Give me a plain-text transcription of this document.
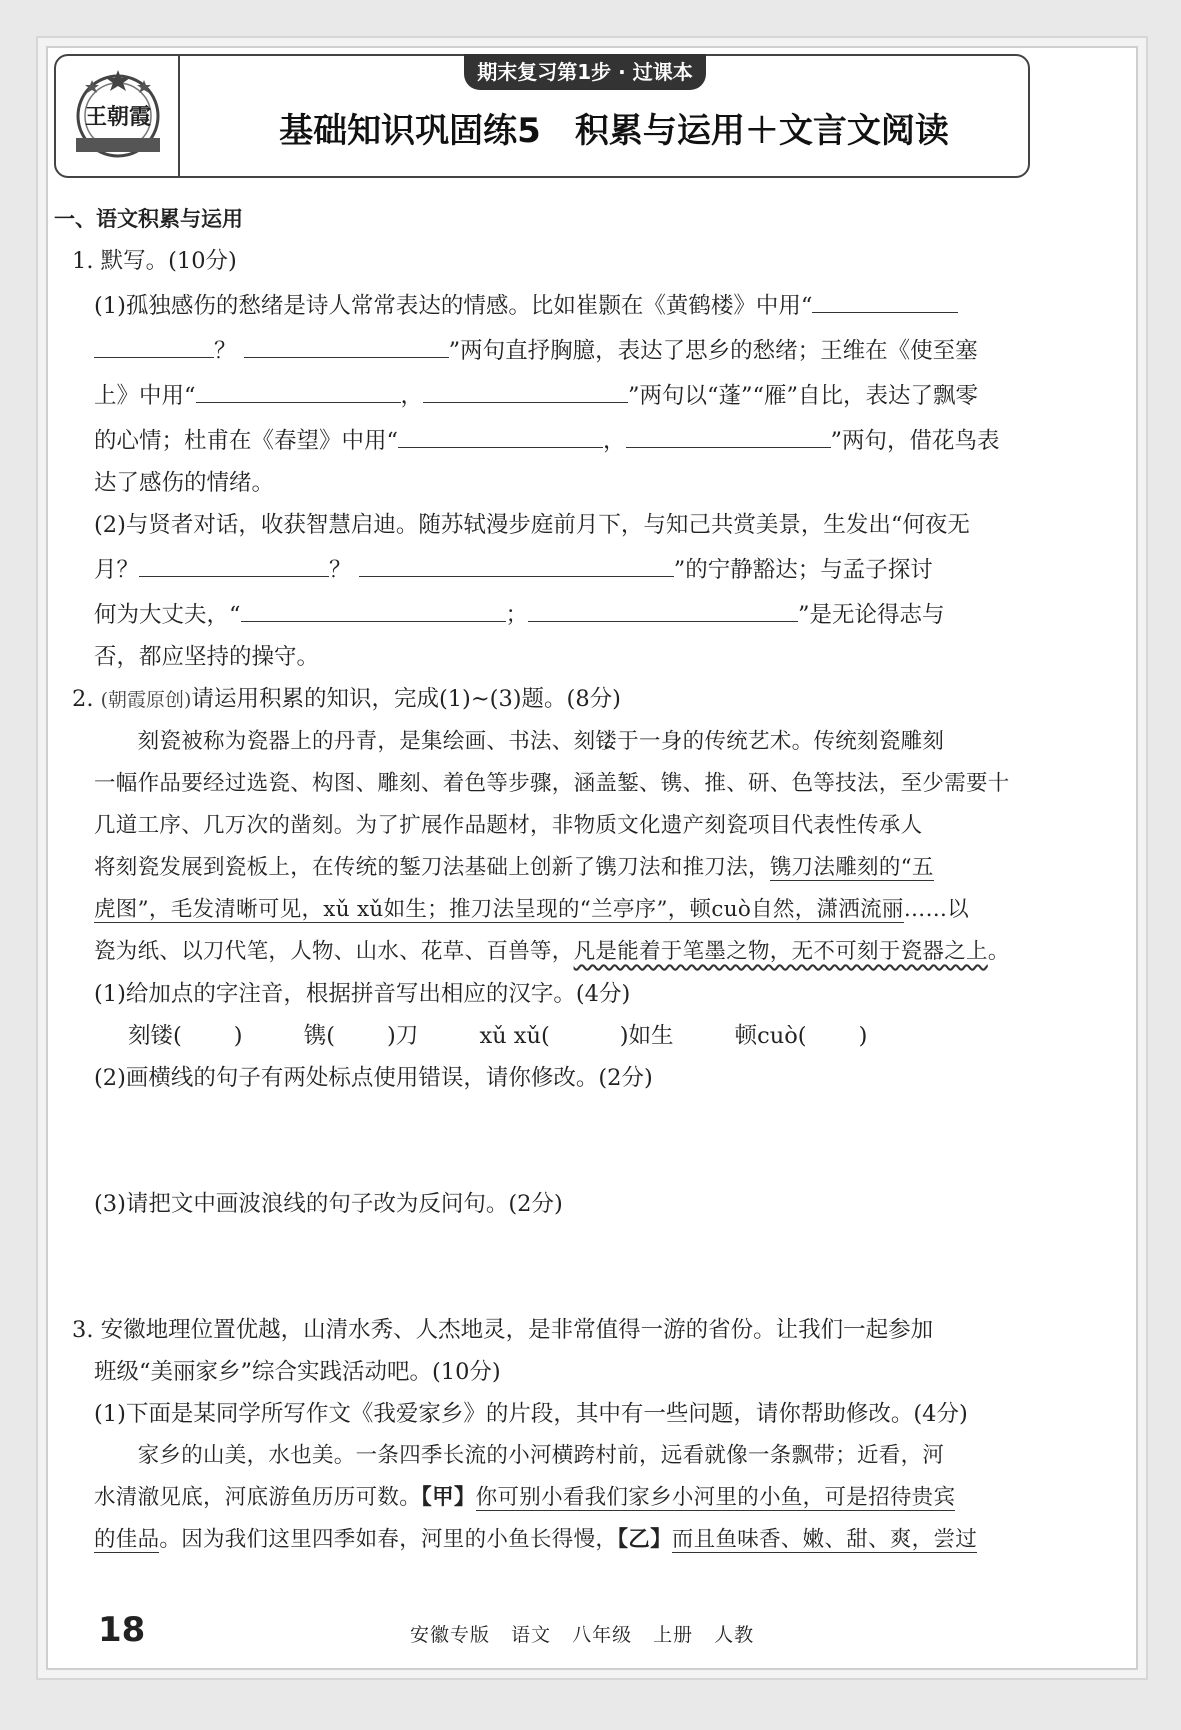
王朝霞
期末复习第1步 · 过课本
基础知识巩固练5　积累与运用＋文言文阅读
一、语文积累与运用
1. 默写。(10分)
(1)孤独感伤的愁绪是诗人常常表达的情感。比如崔颢在《黄鹤楼》中用“
？	”两句直抒胸臆，表达了思乡的愁绪；王维在《使至塞
上》中用“	，	”两句以“蓬”“雁”自比，表达了飘零
的心情；杜甫在《春望》中用“	，	”两句，借花鸟表
达了感伤的情绪。
(2)与贤者对话，收获智慧启迪。随苏轼漫步庭前月下，与知己共赏美景，生发出“何夜无
月？	？	”的宁静豁达；与孟子探讨
何为大丈夫，“	；	”是无论得志与
否，都应坚持的操守。
2. (朝霞原创)请运用积累的知识，完成(1)~(3)题。(8分)
　　刻瓷被称为瓷器上的丹青，是集绘画、书法、刻镂于一身的传统艺术。传统刻瓷雕刻
一幅作品要经过选瓷、构图、雕刻、着色等步骤，涵盖錾、镌、推、研、色等技法，至少需要十
几道工序、几万次的凿刻。为了扩展作品题材，非物质文化遗产刻瓷项目代表性传承人
将刻瓷发展到瓷板上，在传统的錾刀法基础上创新了镌刀法和推刀法，镌刀法雕刻的“五
虎图”，毛发清晰可见，xǔ xǔ如生；推刀法呈现的“兰亭序”，顿cuò自然，潇洒流丽……以
瓷为纸、以刀代笔，人物、山水、花草、百兽等，凡是能着于笔墨之物，无不可刻于瓷器之上。
(1)给加点的字注音，根据拼音写出相应的汉字。(4分)
刻镂( )	镌( )刀	xǔ xǔ(	)如生	顿cuò( )
(2)画横线的句子有两处标点使用错误，请你修改。(2分)
(3)请把文中画波浪线的句子改为反问句。(2分)
3. 安徽地理位置优越，山清水秀、人杰地灵，是非常值得一游的省份。让我们一起参加
班级“美丽家乡”综合实践活动吧。(10分)
(1)下面是某同学所写作文《我爱家乡》的片段，其中有一些问题，请你帮助修改。(4分)
　　家乡的山美，水也美。一条四季长流的小河横跨村前，远看就像一条飘带；近看，河
水清澈见底，河底游鱼历历可数。【甲】你可别小看我们家乡小河里的小鱼，可是招待贵宾
的佳品。因为我们这里四季如春，河里的小鱼长得慢，【乙】而且鱼味香、嫩、甜、爽，尝过
18	安徽专版 语文 八年级 上册 人教
